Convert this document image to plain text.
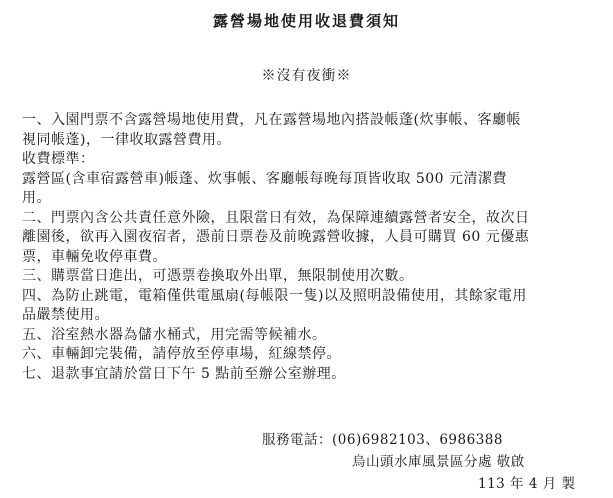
露營場地使用收退費須知
※沒有夜衝※
一、入園門票不含露營場地使用費，凡在露營場地內搭設帳蓬(炊事帳、客廳帳
視同帳蓬)，一律收取露營費用。
收費標準：
露營區(含車宿露營車)帳蓬、炊事帳、客廳帳每晚每頂皆收取 500 元清潔費
用。
二、門票內含公共責任意外險，且限當日有效，為保障連續露營者安全，故次日
離園後，欲再入園夜宿者，憑前日票卷及前晚露營收據，人員可購買 60 元優惠
票，車輛免收停車費。
三、購票當日進出，可憑票卷換取外出單，無限制使用次數。
四、為防止跳電，電箱僅供電風扇(每帳限一隻)以及照明設備使用，其餘家電用
品嚴禁使用。
五、浴室熱水器為儲水桶式，用完需等候補水。
六、車輛卸完裝備，請停放至停車場，紅線禁停。
七、退款事宜請於當日下午 5 點前至辦公室辦理。
服務電話：(06)6982103、6986388
烏山頭水庫風景區分處 敬啟
113 年 4 月 製
